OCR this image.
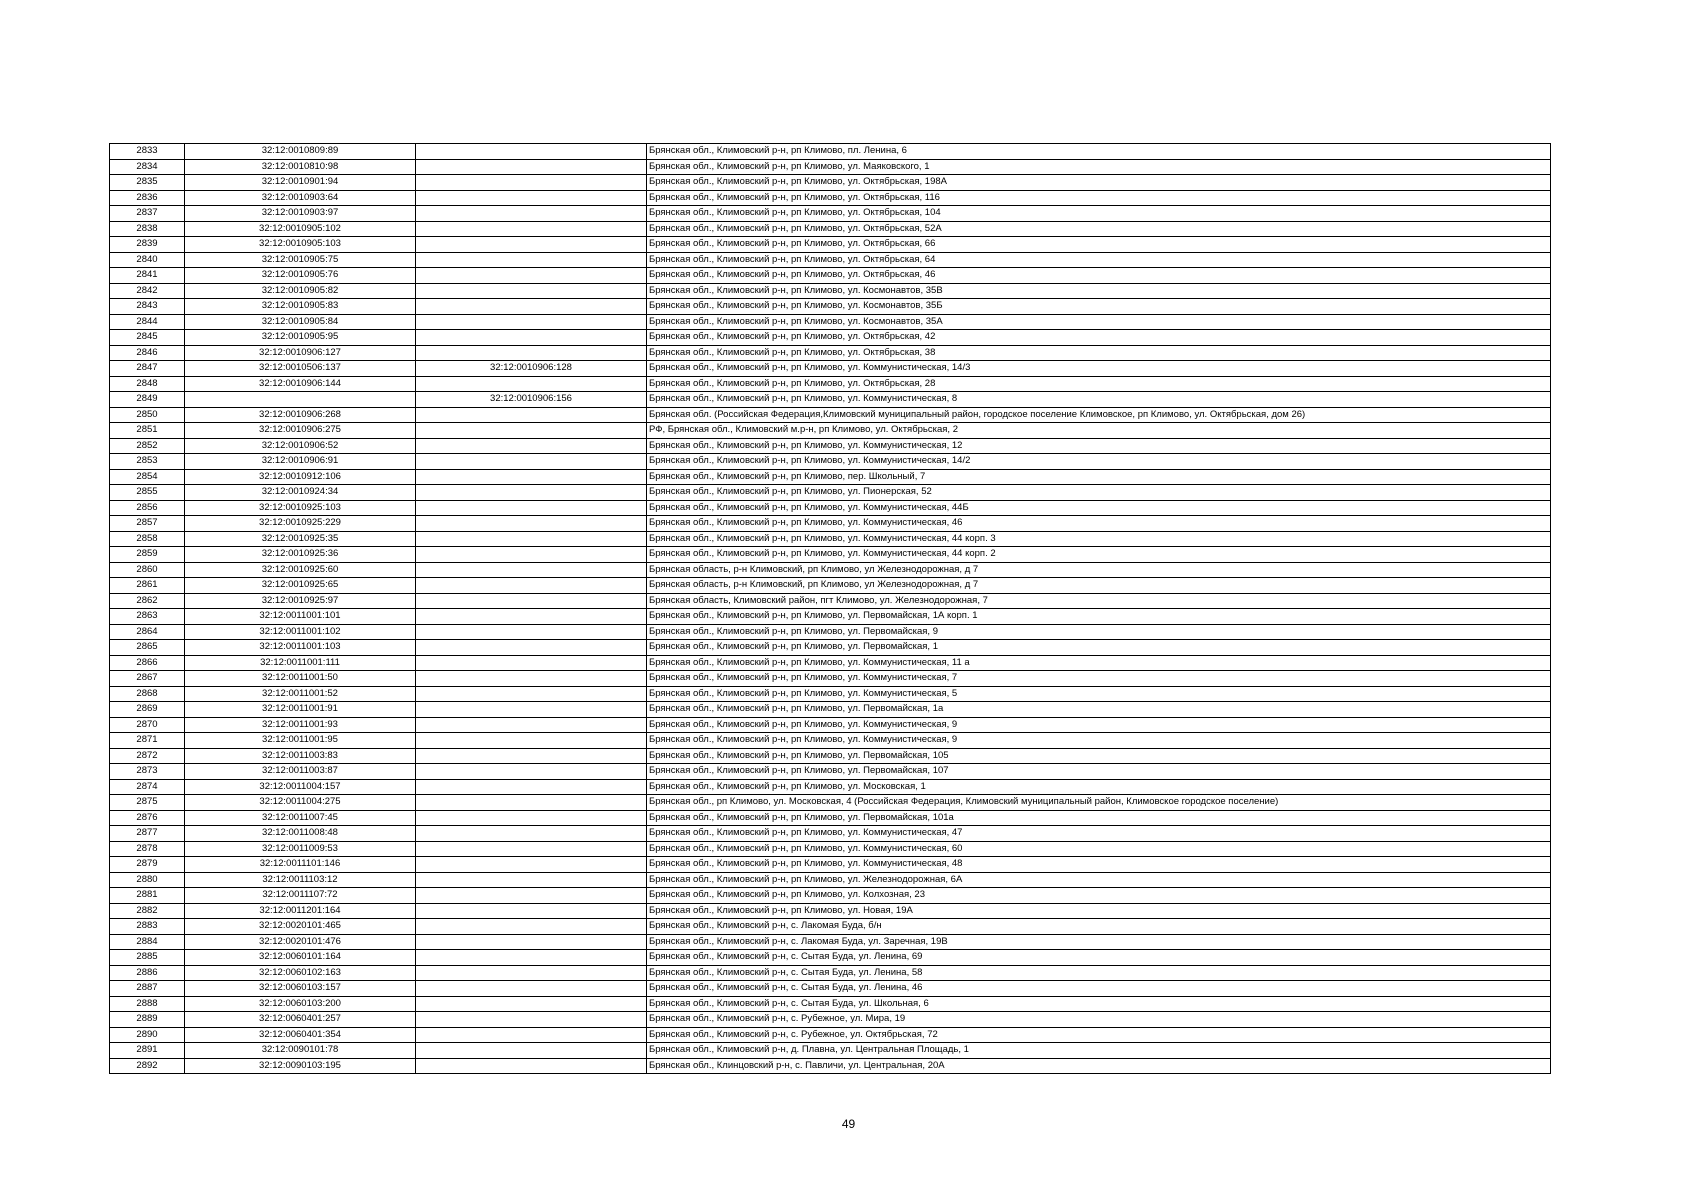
2833	32:12:0010809:89		Брянская обл., Климовский р-н, рп Климово, пл. Ленина, 6
2834	32:12:0010810:98		Брянская обл., Климовский р-н, рп Климово, ул. Маяковского, 1
2835	32:12:0010901:94		Брянская обл., Климовский р-н, рп Климово, ул. Октябрьская, 198А
2836	32:12:0010903:64		Брянская обл., Климовский р-н, рп Климово, ул. Октябрьская, 116
2837	32:12:0010903:97		Брянская обл., Климовский р-н, рп Климово, ул. Октябрьская, 104
2838	32:12:0010905:102		Брянская обл., Климовский р-н, рп Климово, ул. Октябрьская, 52А
2839	32:12:0010905:103		Брянская обл., Климовский р-н, рп Климово, ул. Октябрьская, 66
2840	32:12:0010905:75		Брянская обл., Климовский р-н, рп Климово, ул. Октябрьская, 64
2841	32:12:0010905:76		Брянская обл., Климовский р-н, рп Климово, ул. Октябрьская, 46
2842	32:12:0010905:82		Брянская обл., Климовский р-н, рп Климово, ул. Космонавтов, 35В
2843	32:12:0010905:83		Брянская обл., Климовский р-н, рп Климово, ул. Космонавтов, 35Б
2844	32:12:0010905:84		Брянская обл., Климовский р-н, рп Климово, ул. Космонавтов, 35А
2845	32:12:0010905:95		Брянская обл., Климовский р-н, рп Климово, ул. Октябрьская, 42
2846	32:12:0010906:127		Брянская обл., Климовский р-н, рп Климово, ул. Октябрьская, 38
2847	32:12:0010506:137	32:12:0010906:128	Брянская обл., Климовский р-н, рп Климово, ул. Коммунистическая, 14/3
2848	32:12:0010906:144		Брянская обл., Климовский р-н, рп Климово, ул. Октябрьская, 28
2849		32:12:0010906:156	Брянская обл., Климовский р-н, рп Климово, ул. Коммунистическая, 8
2850	32:12:0010906:268		Брянская обл. (Российская Федерация,Климовский муниципальный район, городское поселение Климовское, рп Климово, ул. Октябрьская, дом 26)
2851	32:12:0010906:275		РФ, Брянская обл., Климовский м.р-н, рп Климово, ул. Октябрьская, 2
2852	32:12:0010906:52		Брянская обл., Климовский р-н, рп Климово, ул. Коммунистическая, 12
2853	32:12:0010906:91		Брянская обл., Климовский р-н, рп Климово, ул. Коммунистическая, 14/2
2854	32:12:0010912:106		Брянская обл., Климовский р-н, рп Климово, пер. Школьный, 7
2855	32:12:0010924:34		Брянская обл., Климовский р-н, рп Климово, ул. Пионерская, 52
2856	32:12:0010925:103		Брянская обл., Климовский р-н, рп Климово, ул. Коммунистическая, 44Б
2857	32:12:0010925:229		Брянская обл., Климовский р-н, рп Климово, ул. Коммунистическая, 46
2858	32:12:0010925:35		Брянская обл., Климовский р-н, рп Климово, ул. Коммунистическая, 44 корп. 3
2859	32:12:0010925:36		Брянская обл., Климовский р-н, рп Климово, ул. Коммунистическая, 44 корп. 2
2860	32:12:0010925:60		Брянская область, р-н Климовский, рп Климово, ул Железнодорожная, д 7
2861	32:12:0010925:65		Брянская область, р-н Климовский, рп Климово, ул Железнодорожная, д 7
2862	32:12:0010925:97		Брянская область, Климовский район, пгт Климово, ул. Железнодорожная, 7
2863	32:12:0011001:101		Брянская обл., Климовский р-н, рп Климово, ул. Первомайская, 1А корп. 1
2864	32:12:0011001:102		Брянская обл., Климовский р-н, рп Климово, ул. Первомайская, 9
2865	32:12:0011001:103		Брянская обл., Климовский р-н, рп Климово, ул. Первомайская, 1
2866	32:12:0011001:111		Брянская обл., Климовский р-н, рп Климово, ул. Коммунистическая, 11 а
2867	32:12:0011001:50		Брянская обл., Климовский р-н, рп Климово, ул. Коммунистическая, 7
2868	32:12:0011001:52		Брянская обл., Климовский р-н, рп Климово, ул. Коммунистическая, 5
2869	32:12:0011001:91		Брянская обл., Климовский р-н, рп Климово, ул. Первомайская, 1а
2870	32:12:0011001:93		Брянская обл., Климовский р-н, рп Климово, ул. Коммунистическая, 9
2871	32:12:0011001:95		Брянская обл., Климовский р-н, рп Климово, ул. Коммунистическая, 9
2872	32:12:0011003:83		Брянская обл., Климовский р-н, рп Климово, ул. Первомайская, 105
2873	32:12:0011003:87		Брянская обл., Климовский р-н, рп Климово, ул. Первомайская, 107
2874	32:12:0011004:157		Брянская обл., Климовский р-н, рп Климово, ул. Московская, 1
2875	32:12:0011004:275		Брянская обл., рп Климово, ул. Московская, 4 (Российская Федерация, Климовский муниципальный район, Климовское городское поселение)
2876	32:12:0011007:45		Брянская обл., Климовский р-н, рп Климово, ул. Первомайская, 101а
2877	32:12:0011008:48		Брянская обл., Климовский р-н, рп Климово, ул. Коммунистическая, 47
2878	32:12:0011009:53		Брянская обл., Климовский р-н, рп Климово, ул. Коммунистическая, 60
2879	32:12:0011101:146		Брянская обл., Климовский р-н, рп Климово, ул. Коммунистическая, 48
2880	32:12:0011103:12		Брянская обл., Климовский р-н, рп Климово, ул. Железнодорожная, 6А
2881	32:12:0011107:72		Брянская обл., Климовский р-н, рп Климово, ул. Колхозная, 23
2882	32:12:0011201:164		Брянская обл., Климовский р-н, рп Климово, ул. Новая, 19А
2883	32:12:0020101:465		Брянская обл., Климовский р-н, с. Лакомая Буда, б/н
2884	32:12:0020101:476		Брянская обл., Климовский р-н, с. Лакомая Буда, ул. Заречная, 19В
2885	32:12:0060101:164		Брянская обл., Климовский р-н, с. Сытая Буда, ул. Ленина, 69
2886	32:12:0060102:163		Брянская обл., Климовский р-н, с. Сытая Буда, ул. Ленина, 58
2887	32:12:0060103:157		Брянская обл., Климовский р-н, с. Сытая Буда, ул. Ленина, 46
2888	32:12:0060103:200		Брянская обл., Климовский р-н, с. Сытая Буда, ул. Школьная, 6
2889	32:12:0060401:257		Брянская обл., Климовский р-н, с. Рубежное, ул. Мира, 19
2890	32:12:0060401:354		Брянская обл., Климовский р-н, с. Рубежное, ул. Октябрьская, 72
2891	32:12:0090101:78		Брянская обл., Климовский р-н, д. Плавна, ул. Центральная Площадь, 1
2892	32:12:0090103:195		Брянская обл., Клинцовский р-н, с. Павличи, ул. Центральная, 20А
49
